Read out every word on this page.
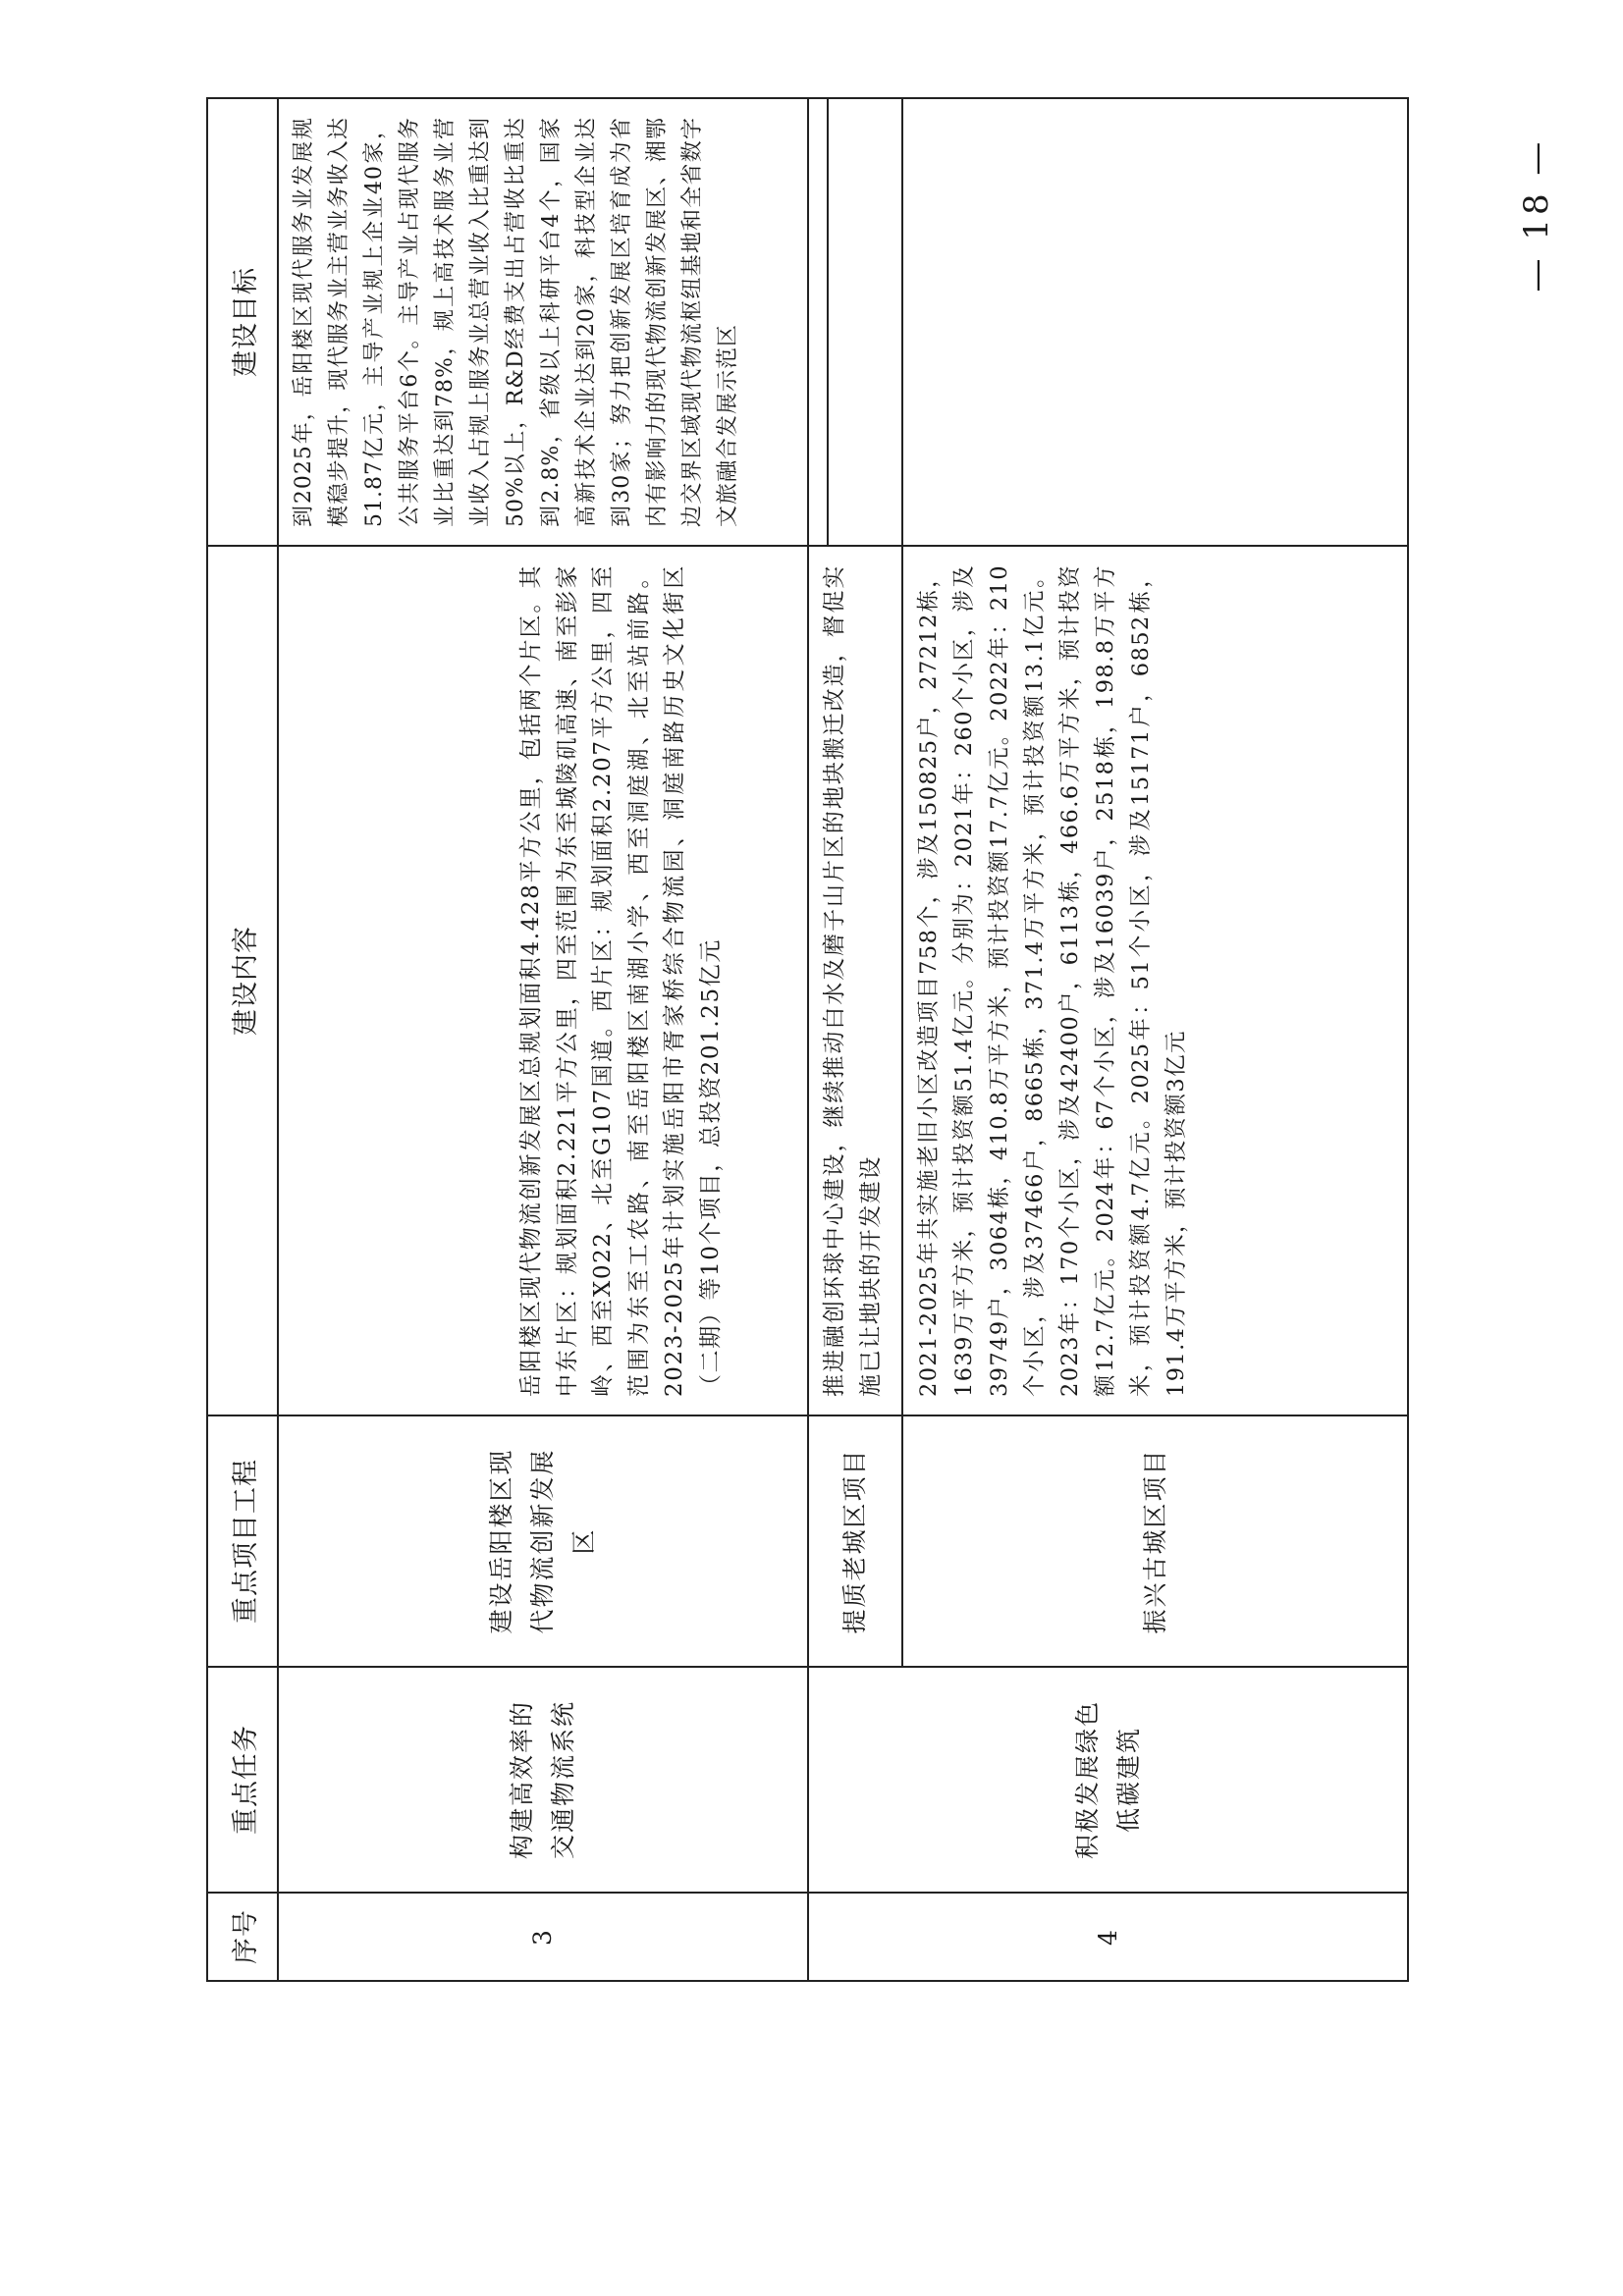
序号
重点任务
重点项目工程
建设内容
建设目标
3
构建高效率的交通物流系统
建设岳阳楼区现代物流创新发展区
岳阳楼区现代物流创新发展区总规划面积4.428平方公里，包括两个片区。其中东片区：规划面积2.221平方公里，四至范围为东至城陵矶高速、南至彭家岭、西至X022、北至G107国道。西片区：规划面积2.207平方公里，四至范围为东至工农路、南至岳阳楼区南湖小学、西至洞庭湖、北至站前路。2023-2025年计划实施岳阳市胥家桥综合物流园、洞庭南路历史文化街区（二期）等10个项目，总投资201.25亿元
到2025年，岳阳楼区现代服务业发展规模稳步提升，现代服务业主营业务收入达51.87亿元，主导产业规上企业40家，公共服务平台6个。主导产业占现代服务业比重达到78%，规上高技术服务业营业收入占规上服务业总营业收入比重达到50%以上，R&D经费支出占营收比重达到2.8%，省级以上科研平台4个，国家高新技术企业达到20家，科技型企业达到30家；努力把创新发展区培育成为省内有影响力的现代物流创新发展区、湘鄂边交界区域现代物流枢纽基地和全省数字文旅融合发展示范区
4
积极发展绿色低碳建筑
提质老城区项目
推进融创环球中心建设，继续推动白水及磨子山片区的地块搬迁改造，督促实施已让地块的开发建设
振兴古城区项目
2021-2025年共实施老旧小区改造项目758个，涉及150825户，27212栋，1639万平方米，预计投资额51.4亿元。分别为：2021年：260个小区，涉及39749户，3064栋，410.8万平方米，预计投资额17.7亿元。2022年：210个小区，涉及37466户，8665栋，371.4万平方米，预计投资额13.1亿元。2023年：170个小区，涉及42400户，6113栋，466.6万平方米，预计投资额12.7亿元。2024年：67个小区，涉及16039户，2518栋，198.8万平方米，预计投资额4.7亿元。2025年：51个小区，涉及15171户，6852栋，191.4万平方米，预计投资额3亿元
— 18 —
